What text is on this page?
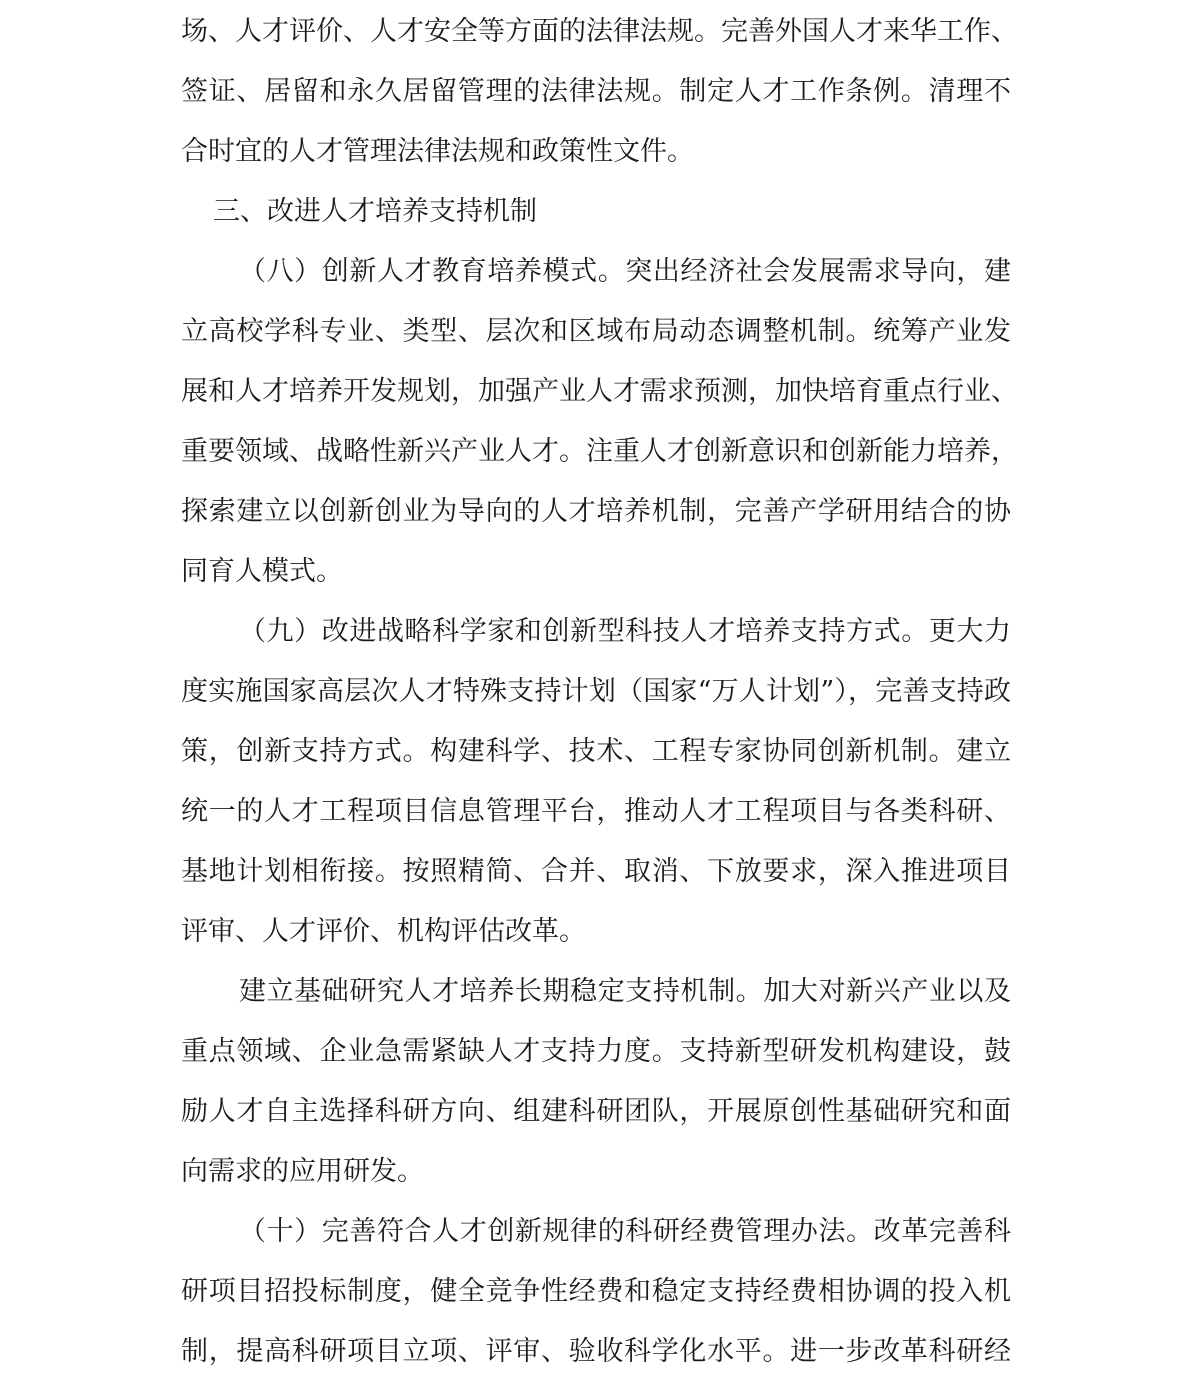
场、人才评价、人才安全等方面的法律法规。完善外国人才来华工作、
签证、居留和永久居留管理的法律法规。制定人才工作条例。清理不
合时宜的人才管理法律法规和政策性文件。
三、改进人才培养支持机制
（八）创新人才教育培养模式。突出经济社会发展需求导向，建
立高校学科专业、类型、层次和区域布局动态调整机制。统筹产业发
展和人才培养开发规划，加强产业人才需求预测，加快培育重点行业、
重要领域、战略性新兴产业人才。注重人才创新意识和创新能力培养，
探索建立以创新创业为导向的人才培养机制，完善产学研用结合的协
同育人模式。
（九）改进战略科学家和创新型科技人才培养支持方式。更大力
度实施国家高层次人才特殊支持计划（国家“万人计划”），完善支持政
策，创新支持方式。构建科学、技术、工程专家协同创新机制。建立
统一的人才工程项目信息管理平台，推动人才工程项目与各类科研、
基地计划相衔接。按照精简、合并、取消、下放要求，深入推进项目
评审、人才评价、机构评估改革。
建立基础研究人才培养长期稳定支持机制。加大对新兴产业以及
重点领域、企业急需紧缺人才支持力度。支持新型研发机构建设，鼓
励人才自主选择科研方向、组建科研团队，开展原创性基础研究和面
向需求的应用研发。
（十）完善符合人才创新规律的科研经费管理办法。改革完善科
研项目招投标制度，健全竞争性经费和稳定支持经费相协调的投入机
制，提高科研项目立项、评审、验收科学化水平。进一步改革科研经
